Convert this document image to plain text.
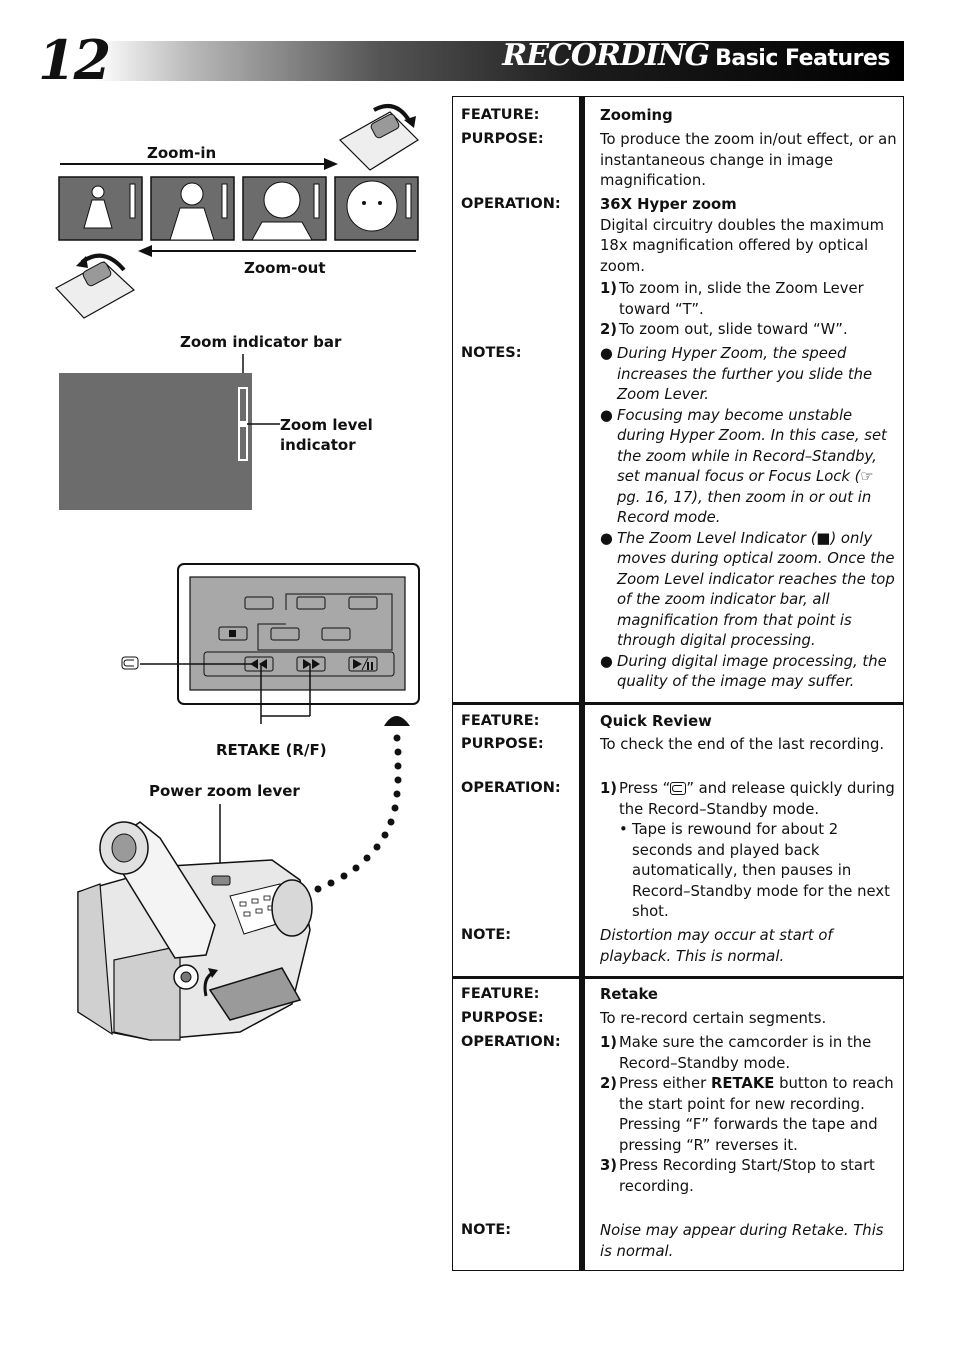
12	RECORDING Basic Features
Zoom-in
Zoom-out
Zoom indicator bar
Zoom level
indicator
RETAKE (R/F)
Power zoom lever
FEATURE:
PURPOSE:
OPERATION:
NOTES:
Zooming
To produce the zoom in/out effect, or an instantaneous change in image magnification.
36X Hyper zoom
Digital circuitry doubles the maximum 18x magnification offered by optical zoom.
1) To zoom in, slide the Zoom Lever toward “T”.
2) To zoom out, slide toward “W”.
● During Hyper Zoom, the speed increases the further you slide the Zoom Lever.
● Focusing may become unstable during Hyper Zoom. In this case, set the zoom while in Record–Standby, set manual focus or Focus Lock (☞ pg. 16, 17), then zoom in or out in Record mode.
● The Zoom Level Indicator (■) only moves during optical zoom. Once the Zoom Level indicator reaches the top of the zoom indicator bar, all magnification from that point is through digital processing.
● During digital image processing, the quality of the image may suffer.
FEATURE:
PURPOSE:
OPERATION:
NOTE:
Quick Review
To check the end of the last recording.
1) Press “ ” and release quickly during the Record–Standby mode.
• Tape is rewound for about 2 seconds and played back automatically, then pauses in Record–Standby mode for the next shot.
Distortion may occur at start of playback. This is normal.
FEATURE:
PURPOSE:
OPERATION:
NOTE:
Retake
To re-record certain segments.
1) Make sure the camcorder is in the Record–Standby mode.
2) Press either RETAKE button to reach the start point for new recording.
Pressing “F” forwards the tape and pressing “R” reverses it.
3) Press Recording Start/Stop to start recording.
Noise may appear during Retake. This is normal.
